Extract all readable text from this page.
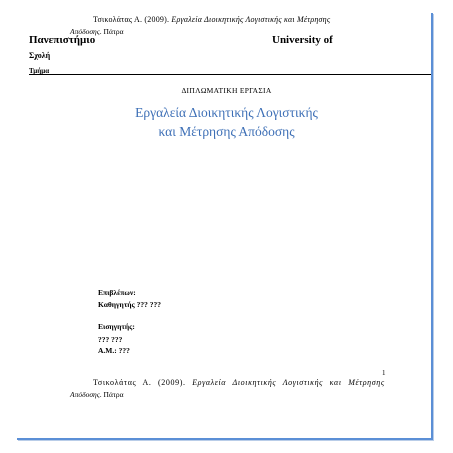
Τσικολάτας Α. (2009). Εργαλεία Διοικητικής Λογιστικής και Μέτρησης
Απόδοσης. Πάτρα
Πανεπιστήμιο	University of
Σχολή
Τμήμα
ΔΙΠΛΩΜΑΤΙΚΗ ΕΡΓΑΣΙΑ
Εργαλεία Διοικητικής Λογιστικής
και Μέτρησης Απόδοσης
Επιβλέπων:
Καθηγητής ??? ???
Εισηγητής:
??? ???
Α.Μ.: ???
1
Τσικολάτας Α. (2009). Εργαλεία Διοικητικής Λογιστικής και Μέτρησης
Απόδοσης. Πάτρα
